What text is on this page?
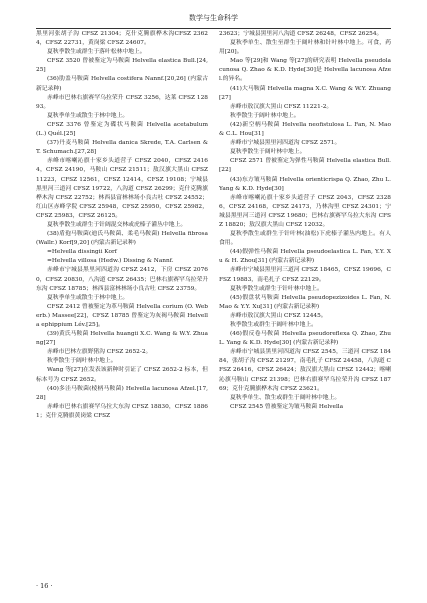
数学与生命科学

黑里河张胡子沟 CFSZ 21304；克什克腾旗桦木沟CFSZ 23624，CFSZ 22731，黄岗梁 CFSZ 24607。

夏秋季散生或群生于落叶松林中地上。

CFSZ 3520 曾被鉴定为马鞍菌 Helvella elastica Bull.[24,25]

(36)肋盖马鞍菌 Helvella costifera Nannf.[20,26] (内蒙古新记录种)

赤峰市巴林右旗赛罕乌拉荣升 CFSZ 3256，达莱 CFSZ 12893。

夏秋季单生或散生于林中地上。

CFSZ 3376 曾鉴定为碟状马鞍菌 Helvella acetabulum (L.) Quél.[25]

(37)丹麦马鞍菌 Helvella danica Skrede, T.A. Carlsen & T. Schumach.[27,28]

赤峰市喀喇沁旗十家乡头道营子 CFSZ 2040，CFSZ 24164，CFSZ 24190，马鞍山 CFSZ 21511；敖汉旗大黑山 CFSZ 11223，CFSZ 12561，CFSZ 12414，CFSZ 19108；宁城县黑里河三道河 CFSZ 19722，八沟道 CFSZ 26299；克什克腾旗桦木沟 CFSZ 22752；林西县富林林场小良古吐 CFSZ 24552；红山区赤峰学院 CFSZ 25948，CFSZ 25950，CFSZ 25982，CFSZ 25983，CFSZ 26125。

夏秋季散生或群生于针阔混交林或虎榛子灌丛中地上。

(38)盾孢马鞍菌(迪氏马鞍菌、柔毛马鞍菌) Helvella fibrosa (Wallr.) Korf[9,20] (内蒙古新记录种)

=Helvella dissingii Korf

=Helvella villosa (Hedw.) Dissing & Nannf.

赤峰市宁城县黑里河四道沟 CFSZ 2412，下房 CFSZ 20760，CFSZ 20830，八沟道 CFSZ 26435；巴林右旗赛罕乌拉荣升东沟 CFSZ 18785；林西县富林林场小良古吐 CFSZ 23759。

夏秋季单生或散生于林中地上。

CFSZ 2412 曾被鉴定为革马鞍菌 Helvella corium (O. Weberb.) Massee[22]，CFSZ 18785 曾鉴定为灰褐马鞍菌 Helvella ephippium Lév.[25]。

(39)黄氏马鞍菌 Helvella huangii X.C. Wang & W.Y. Zhuang[27]

赤峰市巴林左旗野猪沟 CFSZ 2652-2。

秋季散生于阔叶林中地上。

Wang 等[27]在发表该新种时引证了 CFSZ 2652-2 标本，但标本号为 CFSZ 2652。

(40)多洼马鞍菌(棱柄马鞍菌) Helvella lacunosa Afzel.[17,28]

赤峰市巴林右旗赛罕乌拉大东沟 CFSZ 18830，CFSZ 18861；克什克腾旗黄岗梁 CFSZ

23623；宁城县黑里河八沟道 CFSZ 26248，CFSZ 26254。

夏秋季单生、散生至群生于阔叶林和针叶林中地上。可食，药用[20]。

Mao 等[29]和 Wang 等[27]的研究表明 Helvella pseudolacunosa Q. Zhao & K.D. Hyde[30]是 Helvella lacunosa Afzel.的异名。

(41)大马鞍菌 Helvella magna X.C. Wang & W.Y. Zhuang[27]

赤峰市敖汉旗大黑山 CFSZ 11221-2。

秋季散生于阔叶林中地上。

(42)新空柄马鞍菌 Helvella neofistulosa L. Fan, N. Mao & C.L. Hou[31]

赤峰市宁城县黑里河四道沟 CFSZ 2571。

夏秋季散生于阔叶林中地上。

CFSZ 2571 曾被鉴定为弹性马鞍菌 Helvella elastica Bull.[22]

(43)东方皱马鞍菌 Helvella orienticrispa Q. Zhao, Zhu L. Yang & K.D. Hyde[30]

赤峰市喀喇沁旗十家乡头道营子 CFSZ 2043，CFSZ 23286，CFSZ 24168，CFSZ 24173，乃林沟里 CFSZ 24301；宁城县黑里河三道河 CFSZ 19680；巴林右旗赛罕乌拉大东沟 CFSZ 18820；敖汉旗大黑山 CFSZ 12032。

夏秋季散生或群生于针叶林(油松)下虎榛子灌丛内地上。有人食用。

(44)假弹性马鞍菌 Helvella pseudoelastica L. Fan, Y.Y. Xu & H. Zhou[31] (内蒙古新记录种)

赤峰市宁城县黑里河三道河 CFSZ 18465，CFSZ 19696，CFSZ 19883，南毛扎子 CFSZ 22129。

夏秋季散生或群生于针叶林中地上。

(45)假盘状马鞍菌 Helvella pseudopezizoides L. Fan, N. Mao & Y.Y. Xu[31] (内蒙古新记录种)

赤峰市敖汉旗大黑山 CFSZ 12445。

秋季散生或群生于阔叶林中地上。

(46)假反卷马鞍菌 Helvella pseudoreflexa Q. Zhao, Zhu L. Yang & K.D. Hyde[30] (内蒙古新记录种)

赤峰市宁城县黑里河四道沟 CFSZ 2545，三道河 CFSZ 18484，张胡子沟 CFSZ 21297，南毛扎子 CFSZ 24458，八沟道 CFSZ 26416，CFSZ 26424；敖汉旗大黑山 CFSZ 12442；喀喇沁旗马鞍山 CFSZ 21398；巴林右旗赛罕乌拉荣升沟 CFSZ 18769；克什克腾旗桦木沟 CFSZ 23621。

夏秋季单生、散生或群生于阔叶林中地上。

CFSZ 2545 曾被鉴定为皱马鞍菌 Helvella

· 16 ·
